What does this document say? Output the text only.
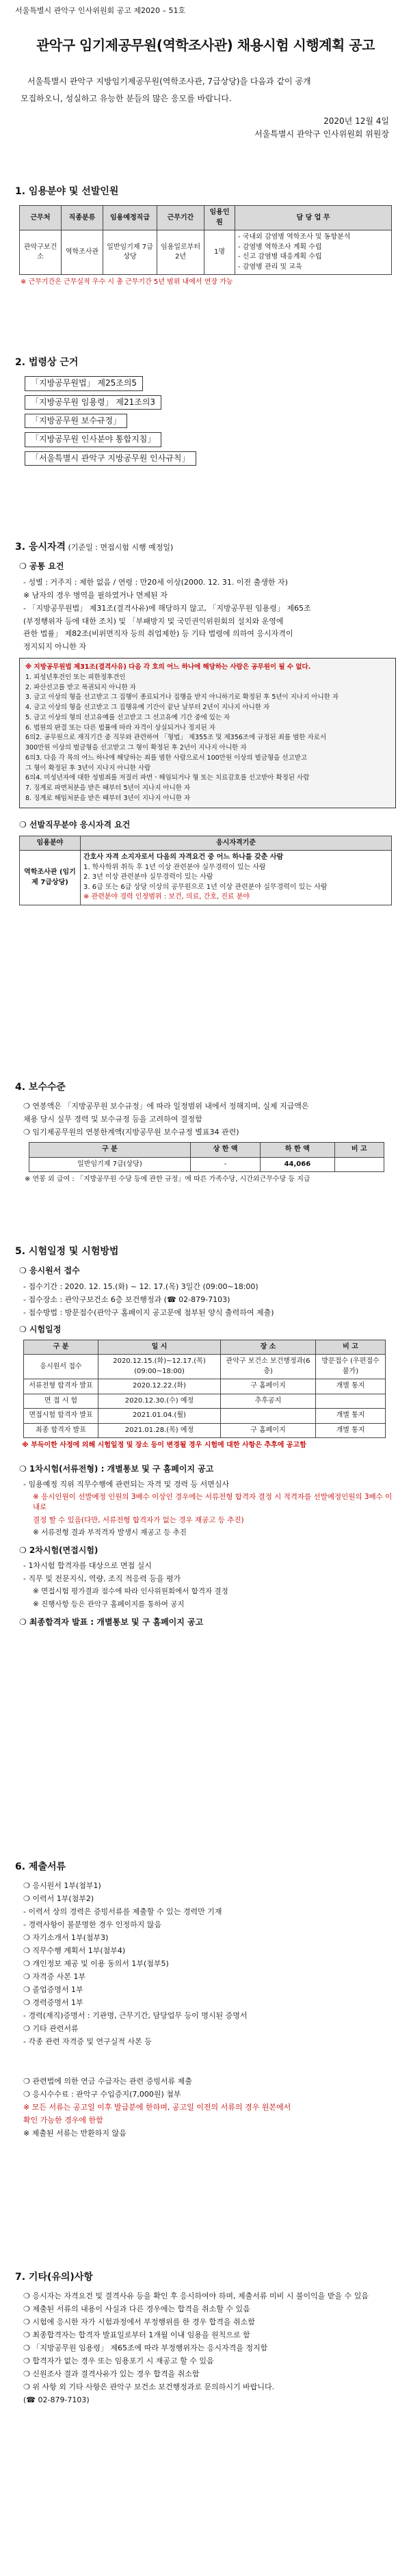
서울특별시 관악구 인사위원회 공고 제2020 – 51호
관악구 임기제공무원(역학조사관) 채용시험 시행계획 공고

서울특별시 관악구 지방임기제공무원(역학조사관, 7급상당)을 다음과 같이 공개

모집하오니, 성실하고 유능한 분들의 많은 응모를 바랍니다.

2020년 12월 4일
서울특별시 관악구 인사위원회 위원장
1. 임용분야 및 선발인원
근무처	직종분류	임용예정직급	근무기간	임용인원	담 당 업 무
관악구보건소	역학조사관	일반임기제 7급상당	임용일로부터 2년	1명	- 국내외 감염병 역학조사 및 동향분석
- 감염병 역학조사 계획 수립
- 신고 감염병 대응계획 수립
- 감염병 관리 및 교육
※ 근무기간은 근무실적 우수 시 총 근무기간 5년 범위 내에서 연장 가능
2. 법령상 근거
「지방공무원법」 제25조의5
「지방공무원 임용령」 제21조의3
「지방공무원 보수규정」
「지방공무원 인사분야 통합지침」
「서울특별시 관악구 지방공무원 인사규칙」
3. 응시자격 (기준일 : 면접시험 시행 예정일)
❍ 공통 요건
- 성별 : 거주지 : 제한 없음 / 연령 : 만20세 이상(2000. 12. 31. 이전 출생한 자)
※ 남자의 경우 병역을 필하였거나 면제된 자
- 「지방공무원법」 제31조(결격사유)에 해당하지 않고, 「지방공무원 임용령」 제65조
(부정행위자 등에 대한 조치) 및 「부패방지 및 국민권익위원회의 설치와 운영에
관한 법률」 제82조(비위면직자 등의 취업제한) 등 기타 법령에 의하여 응시자격이
정지되지 아니한 자
※ 지방공무원법 제31조(결격사유) 다음 각 호의 어느 하나에 해당하는 사람은 공무원이 될 수 없다.
1. 피성년후견인 또는 피한정후견인
2. 파산선고를 받고 복권되지 아니한 자
3. 금고 이상의 형을 선고받고 그 집행이 종료되거나 집행을 받지 아니하기로 확정된 후 5년이 지나지 아니한 자
4. 금고 이상의 형을 선고받고 그 집행유예 기간이 끝난 날부터 2년이 지나지 아니한 자
5. 금고 이상의 형의 선고유예를 선고받고 그 선고유예 기간 중에 있는 자
6. 법원의 판결 또는 다른 법률에 따라 자격이 상실되거나 정지된 자
6의2. 공무원으로 재직기간 중 직무와 관련하여 「형법」 제355조 및 제356조에 규정된 죄를 범한 자로서
300만원 이상의 벌금형을 선고받고 그 형이 확정된 후 2년이 지나지 아니한 자
6의3. 다음 각 목의 어느 하나에 해당하는 죄를 범한 사람으로서 100만원 이상의 벌금형을 선고받고
그 형이 확정된 후 3년이 지나지 아니한 사람
6의4. 미성년자에 대한 성범죄를 저질러 파면ㆍ해임되거나 형 또는 치료감호를 선고받아 확정된 사람
7. 징계로 파면처분을 받은 때부터 5년이 지나지 아니한 자
8. 징계로 해임처분을 받은 때부터 3년이 지나지 아니한 자
❍ 선발직무분야 응시자격 요건
임용분야	응시자격기준
역학조사관 (임기제 7급상당)	간호사 자격 소지자로서 다음의 자격요건 중 어느 하나를 갖춘 사람
1. 학사학위 취득 후 1년 이상 관련분야 실무경력이 있는 사람
2. 3년 이상 관련분야 실무경력이 있는 사람
3. 6급 또는 6급 상당 이상의 공무원으로 1년 이상 관련분야 실무경력이 있는 사람
※ 관련분야 경력 인정범위 : 보건, 의료, 간호, 진료 분야
4. 보수수준
❍ 연봉액은 「지방공무원 보수규정」에 따라 일정범위 내에서 정해지며, 실제 지급액은
채용 당시 실무 경력 및 보수규정 등을 고려하여 결정함
❍ 임기제공무원의 연봉한계액(지방공무원 보수규정 별표34 관련)
구 분	상 한 액	하 한 액	비 고
일반임기제 7급(상당)	-	44,066	
※ 연봉 외 급여 : 「지방공무원 수당 등에 관한 규정」에 따른 가족수당, 시간외근무수당 등 지급
5. 시험일정 및 시험방법
❍ 응시원서 접수
- 접수기간 : 2020. 12. 15.(화) ~ 12. 17.(목) 3일간 (09:00~18:00)
- 접수장소 : 관악구보건소 6층 보건행정과 (☎ 02-879-7103)
- 접수방법 : 방문접수(관악구 홈페이지 공고문에 첨부된 양식 출력하여 제출)
❍ 시험일정
구 분	일 시	장 소	비 고
응시원서 접수	2020.12.15.(화)~12.17.(목) (09:00~18:00)	관악구 보건소 보건행정과(6층)	방문접수 (우편접수 불가)
서류전형 합격자 발표	2020.12.22.(화)	구 홈페이지	개별 통지
면 접 시 험	2020.12.30.(수) 예정	추후공지	
면접시험 합격자 발표	2021.01.04.(월)		개별 통지
최종 합격자 발표	2021.01.28.(목) 예정	구 홈페이지	개별 통지
※ 부득이한 사정에 의해 시험일정 및 장소 등이 변경될 경우 시험에 대한 사항은 추후에 공고함
❍ 1차시험(서류전형) : 개별통보 및 구 홈페이지 공고
- 임용예정 직위 직무수행에 관련되는 자격 및 경력 등 서면심사
※ 응시인원이 선발예정 인원의 3배수 이상인 경우에는 서류전형 합격자 결정 시 적격자를 선발예정인원의 3배수 이내로
결정 할 수 있음(다만, 서류전형 합격자가 없는 경우 재공고 등 추진)
※ 서류전형 결과 부적격자 발생시 재공고 등 추진
❍ 2차시험(면접시험)
- 1차시험 합격자를 대상으로 면접 실시
- 직무 및 전문지식, 역량, 조직 적응력 등을 평가
※ 면접시험 평가결과 점수에 따라 인사위원회에서 합격자 결정
※ 진행사항 등은 관악구 홈페이지를 통하여 공지
❍ 최종합격자 발표 : 개별통보 및 구 홈페이지 공고
6. 제출서류
❍ 응시원서 1부(첨부1)
❍ 이력서 1부(첨부2)
- 이력서 상의 경력은 증빙서류를 제출할 수 있는 경력만 기재
- 경력사항이 불분명한 경우 인정하지 않음
❍ 자기소개서 1부(첨부3)
❍ 직무수행 계획서 1부(첨부4)
❍ 개인정보 제공 및 이용 동의서 1부(첨부5)
❍ 자격증 사본 1부
❍ 졸업증명서 1부
❍ 경력증명서 1부
- 경력(재직)증명서 : 기관명, 근무기간, 담당업무 등이 명시된 증명서
❍ 기타 관련서류
- 각종 관련 자격증 및 연구실적 사본 등
❍ 관련법에 의한 연금 수급자는 관련 증빙서류 제출
❍ 응시수수료 : 관악구 수입증지(7,000원) 첨부
※ 모든 서류는 공고일 이후 발급분에 한하며, 공고일 이전의 서류의 경우 원본에서
확인 가능한 경우에 한함
※ 제출된 서류는 반환하지 않음
7. 기타(유의)사항
❍ 응시자는 자격요건 및 결격사유 등을 확인 후 응시하여야 하며, 제출서류 미비 시 불이익을 받을 수 있음
❍ 제출된 서류의 내용이 사실과 다른 경우에는 합격을 취소할 수 있음
❍ 시험에 응시한 자가 시험과정에서 부정행위를 한 경우 합격을 취소함
❍ 최종합격자는 합격자 발표일로부터 1개월 이내 임용을 원칙으로 함
❍ 「지방공무원 임용령」 제65조에 따라 부정행위자는 응시자격을 정지함
❍ 합격자가 없는 경우 또는 임용포기 시 재공고 할 수 있음
❍ 신원조사 결과 결격사유가 있는 경우 합격을 취소함
❍ 위 사항 외 기타 사항은 관악구 보건소 보건행정과로 문의하시기 바랍니다.
(☎ 02-879-7103)
